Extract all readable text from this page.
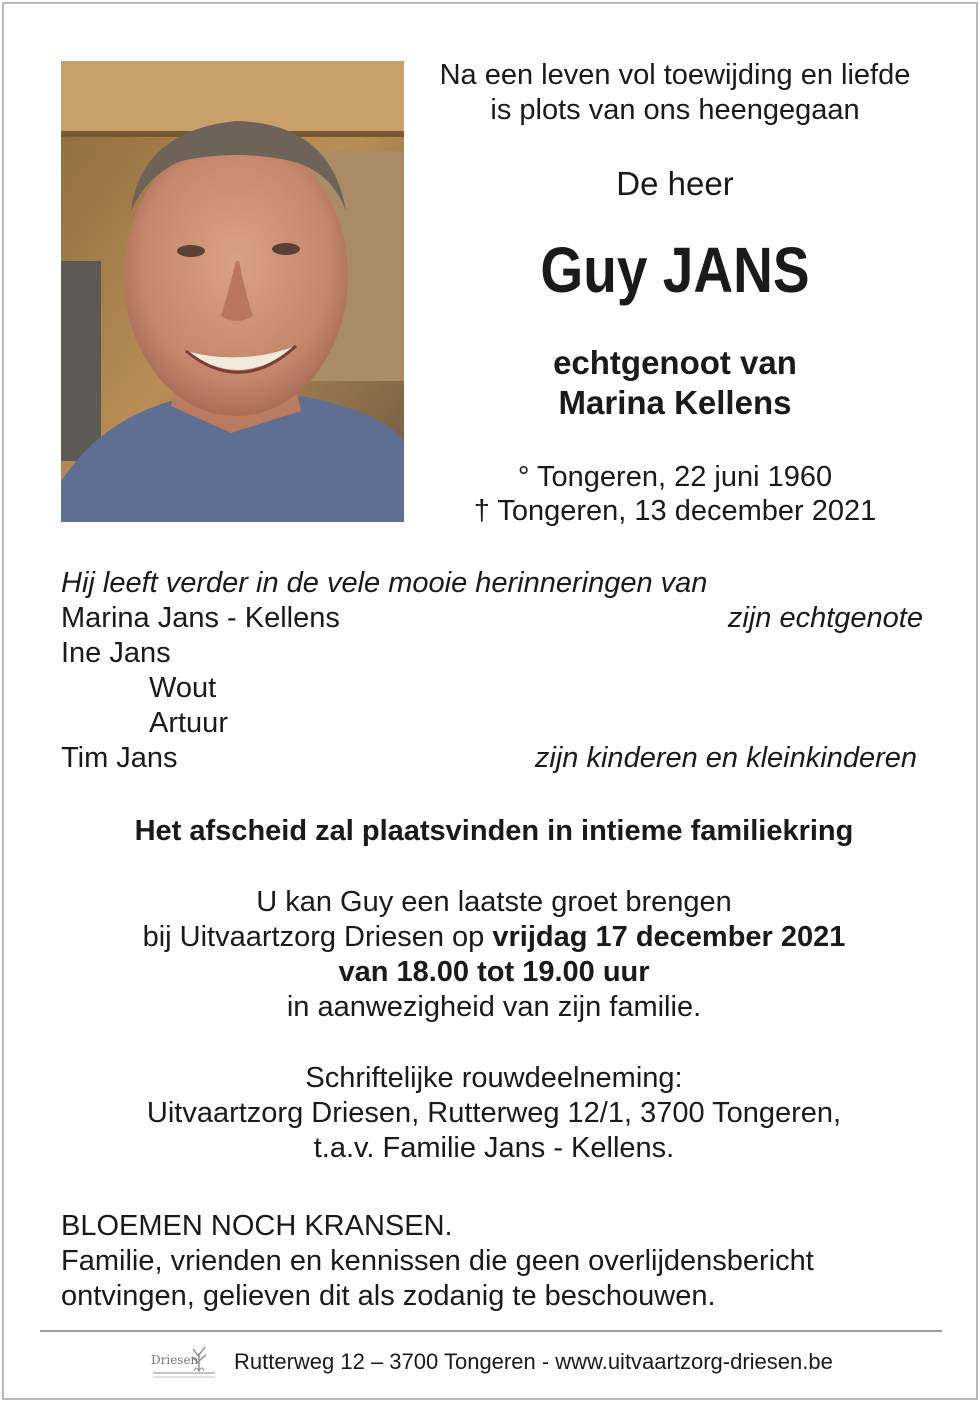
Na een leven vol toewijding en liefde
is plots van ons heengegaan
De heer
Guy JANS
echtgenoot van
Marina Kellens
° Tongeren, 22 juni 1960
† Tongeren, 13 december 2021
Hij leeft verder in de vele mooie herinneringen van
Marina Jans - Kellens	zijn echtgenote
Ine Jans
Wout
Artuur
Tim Jans	zijn kinderen en kleinkinderen
Het afscheid zal plaatsvinden in intieme familiekring
U kan Guy een laatste groet brengen
bij Uitvaartzorg Driesen op vrijdag 17 december 2021
van 18.00 tot 19.00 uur
in aanwezigheid van zijn familie.
Schriftelijke rouwdeelneming:
Uitvaartzorg Driesen, Rutterweg 12/1, 3700 Tongeren,
t.a.v. Familie Jans - Kellens.
BLOEMEN NOCH KRANSEN.
Familie, vrienden en kennissen die geen overlijdensbericht
ontvingen, gelieven dit als zodanig te beschouwen.
Driesen Rutterweg 12 – 3700 Tongeren - www.uitvaartzorg-driesen.be
